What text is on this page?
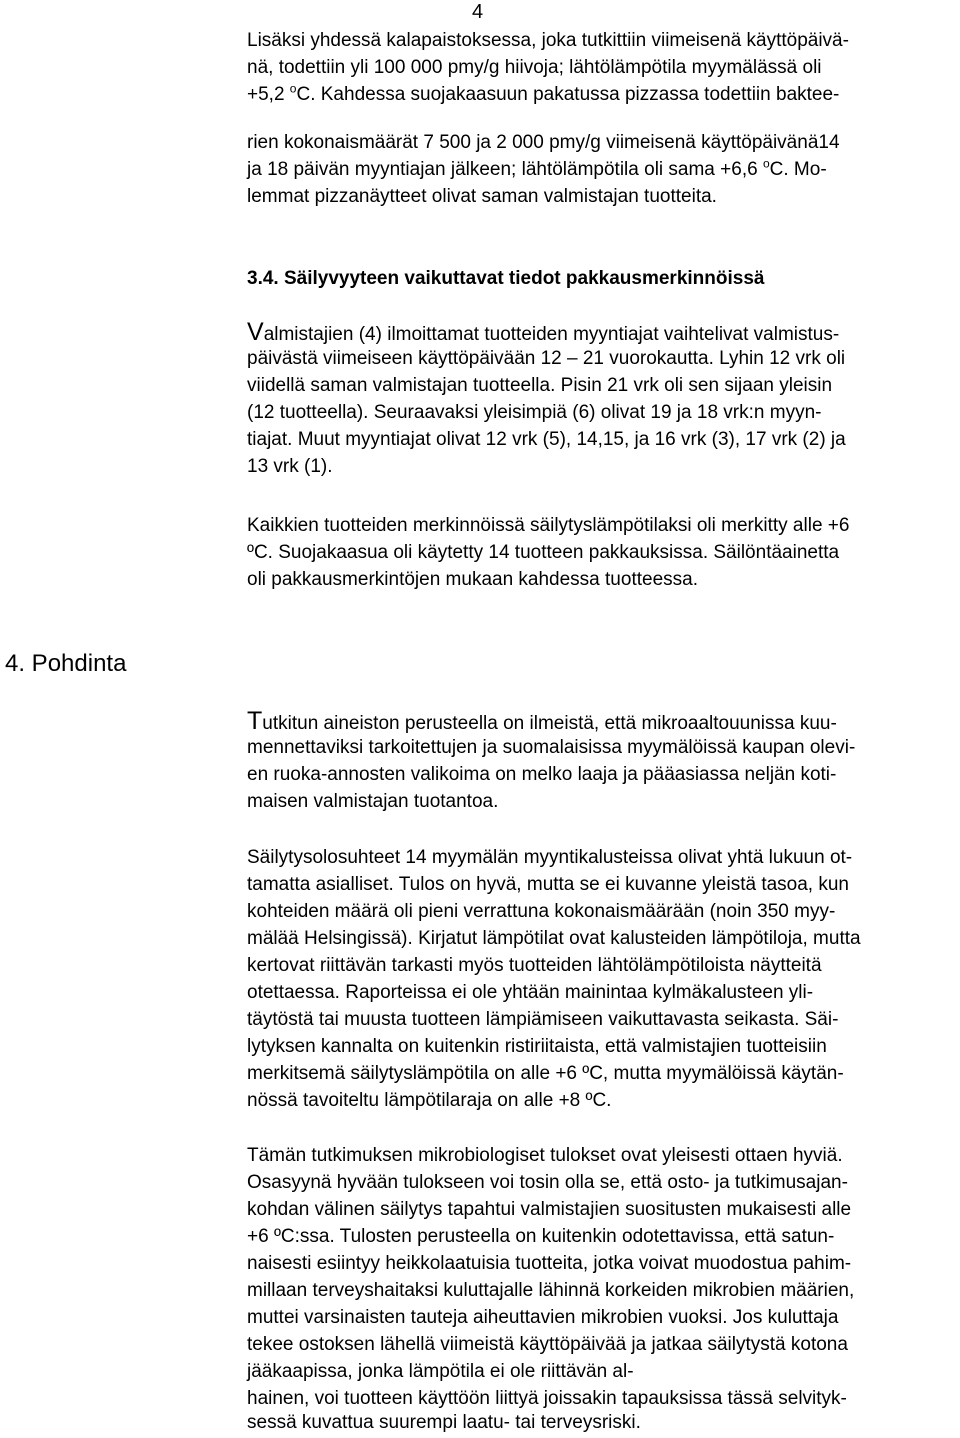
4
Lisäksi yhdessä kalapaistoksessa, joka tutkittiin viimeisenä käyttöpäivä-
nä, todettiin yli 100 000 pmy/g hiivoja; lähtölämpötila myymälässä oli
+5,2 $^o$C. Kahdessa suojakaasuun pakatussa pizzassa todettiin baktee-
rien kokonaismäärät 7 500 ja 2 000 pmy/g viimeisenä käyttöpäivänä14
ja 18 päivän myyntiajan jälkeen; lähtölämpötila oli sama +6,6 $^o$C. Mo-
lemmat pizzanäytteet olivat saman valmistajan tuotteita.
3.4. Säilyvyyteen vaikuttavat tiedot pakkausmerkinnöissä
Valmistajien (4) ilmoittamat tuotteiden myyntiajat vaihtelivat valmistus-
päivästä viimeiseen käyttöpäivään 12 – 21 vuorokautta. Lyhin 12 vrk oli
viidellä saman valmistajan tuotteella. Pisin 21 vrk oli sen sijaan yleisin
(12 tuotteella). Seuraavaksi yleisimpiä (6) olivat 19 ja 18 vrk:n myyn-
tiajat. Muut myyntiajat olivat 12 vrk (5), 14,15, ja 16 vrk (3), 17 vrk (2) ja
13 vrk (1).
Kaikkien tuotteiden merkinnöissä säilytyslämpötilaksi oli merkitty alle +6
ºC. Suojakaasua oli käytetty 14 tuotteen pakkauksissa. Säilöntäainetta
oli pakkausmerkintöjen mukaan kahdessa tuotteessa.
4. Pohdinta
Tutkitun aineiston perusteella on ilmeistä, että mikroaaltouunissa kuu-
mennettaviksi tarkoitettujen ja suomalaisissa myymälöissä kaupan olevi-
en ruoka-annosten valikoima on melko laaja ja pääasiassa neljän koti-
maisen valmistajan tuotantoa.
Säilytysolosuhteet 14 myymälän myyntikalusteissa olivat yhtä lukuun ot-
tamatta asialliset. Tulos on hyvä, mutta se ei kuvanne yleistä tasoa, kun
kohteiden määrä oli pieni verrattuna kokonaismäärään (noin 350 myy-
mälää Helsingissä). Kirjatut lämpötilat ovat kalusteiden lämpötiloja, mutta
kertovat riittävän tarkasti myös tuotteiden lähtölämpötiloista näytteitä
otettaessa. Raporteissa ei ole yhtään mainintaa kylmäkalusteen yli-
täytöstä tai muusta tuotteen lämpiämiseen vaikuttavasta seikasta. Säi-
lytyksen kannalta on kuitenkin ristiriitaista, että valmistajien tuotteisiin
merkitsemä säilytyslämpötila on alle +6 ºC, mutta myymälöissä käytän-
nössä tavoiteltu lämpötilaraja on alle +8 ºC.
Tämän tutkimuksen mikrobiologiset tulokset ovat yleisesti ottaen hyviä.
Osasyynä hyvään tulokseen voi tosin olla se, että osto- ja tutkimusajan-
kohdan välinen säilytys tapahtui valmistajien suositusten mukaisesti alle
+6 ºC:ssa. Tulosten perusteella on kuitenkin odotettavissa, että satun-
naisesti esiintyy heikkolaatuisia tuotteita, jotka voivat muodostua pahim-
millaan terveyshaitaksi kuluttajalle lähinnä korkeiden mikrobien määrien,
muttei varsinaisten tauteja aiheuttavien mikrobien vuoksi. Jos kuluttaja
tekee ostoksen lähellä viimeistä käyttöpäivää ja jatkaa säilytystä kotona
jääkaapissa, jonka lämpötila ei ole riittävän al-
hainen, voi tuotteen käyttöön liittyä joissakin tapauksissa tässä selvityk-
sessä kuvattua suurempi laatu- tai terveysriski.
